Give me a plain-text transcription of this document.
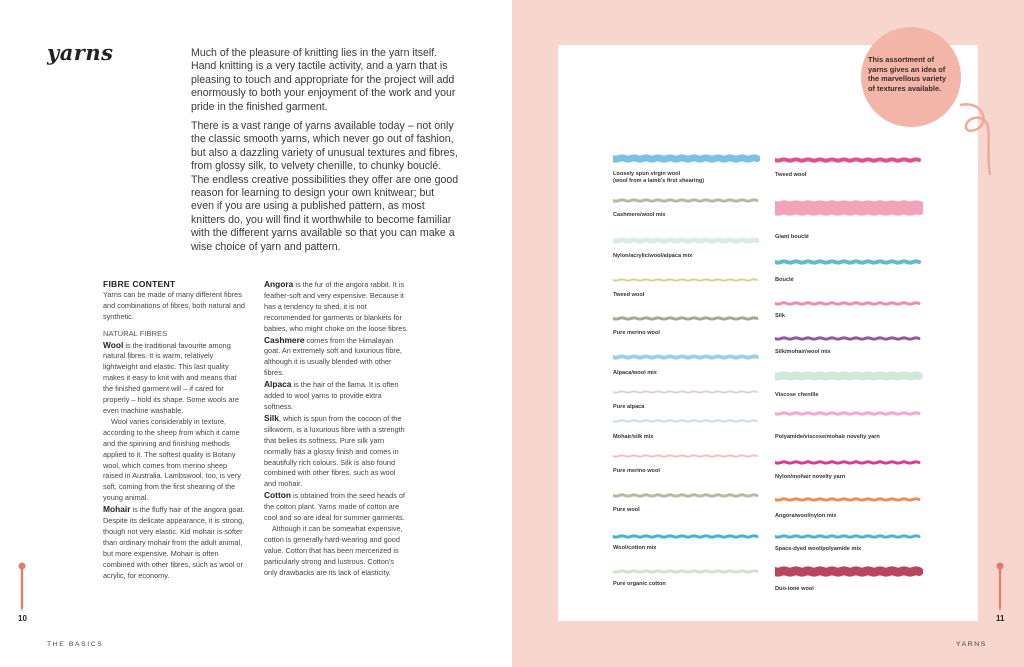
yarns	Much of the pleasure of knitting lies in the yarn itself. Hand knitting is a very tactile activity, and a yarn that is pleasing to touch and appropriate for the project will add enormously to both your enjoyment of the work and your pride in the finished garment.

There is a vast range of yarns available today – not only the classic smooth yarns, which never go out of fashion, but also a dazzling variety of unusual textures and fibres, from glossy silk, to velvety chenille, to chunky bouclé. The endless creative possibilities they offer are one good reason for learning to design your own knitwear; but even if you are using a published pattern, as most knitters do, you will find it worthwhile to become familiar with the different yarns available so that you can make a wise choice of yarn and pattern.

FIBRE CONTENT

Yarns can be made of many different fibres and combinations of fibres, both natural and synthetic.

NATURAL FIBRES

Wool is the traditional favourite among natural fibres. It is warm, relatively lightweight and elastic. This last quality makes it easy to knit with and means that the finished garment will – if cared for properly – hold its shape. Some wools are even machine washable.

Wool varies considerably in texture, according to the sheep from which it came and the spinning and finishing methods applied to it. The softest quality is Botany wool, which comes from merino sheep raised in Australia. Lambswool, too, is very soft, coming from the first shearing of the young animal.

Mohair is the fluffy hair of the angora goat. Despite its delicate appearance, it is strong, though not very elastic. Kid mohair is softer than ordinary mohair from the adult animal, but more expensive. Mohair is often combined with other fibres, such as wool or acrylic, for economy.

Angora is the fur of the angora rabbit. It is feather-soft and very expensive. Because it has a tendency to shed, it is not recommended for garments or blankets for babies, who might choke on the loose fibres.

Cashmere comes from the Himalayan goat. An extremely soft and luxurious fibre, although it is usually blended with other fibres.

Alpaca is the hair of the llama. It is often added to wool yarns to provide extra softness.

Silk, which is spun from the cocoon of the silkworm, is a luxurious fibre with a strength that belies its softness. Pure silk yarn normally has a glossy finish and comes in beautifully rich colours. Silk is also found combined with other fibres, such as wool and mohair.

Cotton is obtained from the seed heads of the cotton plant. Yarns made of cotton are cool and so are ideal for summer garments.

Although it can be somewhat expensive, cotton is generally hard-wearing and good value. Cotton that has been mercerized is particularly strong and lustrous. Cotton's only drawbacks are its lack of elasticity.

10
THE BASICS
This assortment of yarns gives an idea of the marvellous variety of textures available.
Loosely spun virgin wool
(wool from a lamb's first shearing)
Cashmere/wool mix
Nylon/acrylic/wool/alpaca mix
Tweed wool
Pure merino wool
Alpaca/wool mix
Pure alpaca
Mohair/silk mix
Pure merino wool
Pure wool
Wool/cotton mix
Pure organic cotton
Tweed wool
Giant bouclé
Bouclé
Silk
Silk/mohair/wool mix
Viscose chenille
Polyamide/viscose/mohair novelty yarn
Nylon/mohair novelty yarn
Angora/wool/nylon mix
Space-dyed wool/polyamide mix
Duo-tone wool
11
YARNS
